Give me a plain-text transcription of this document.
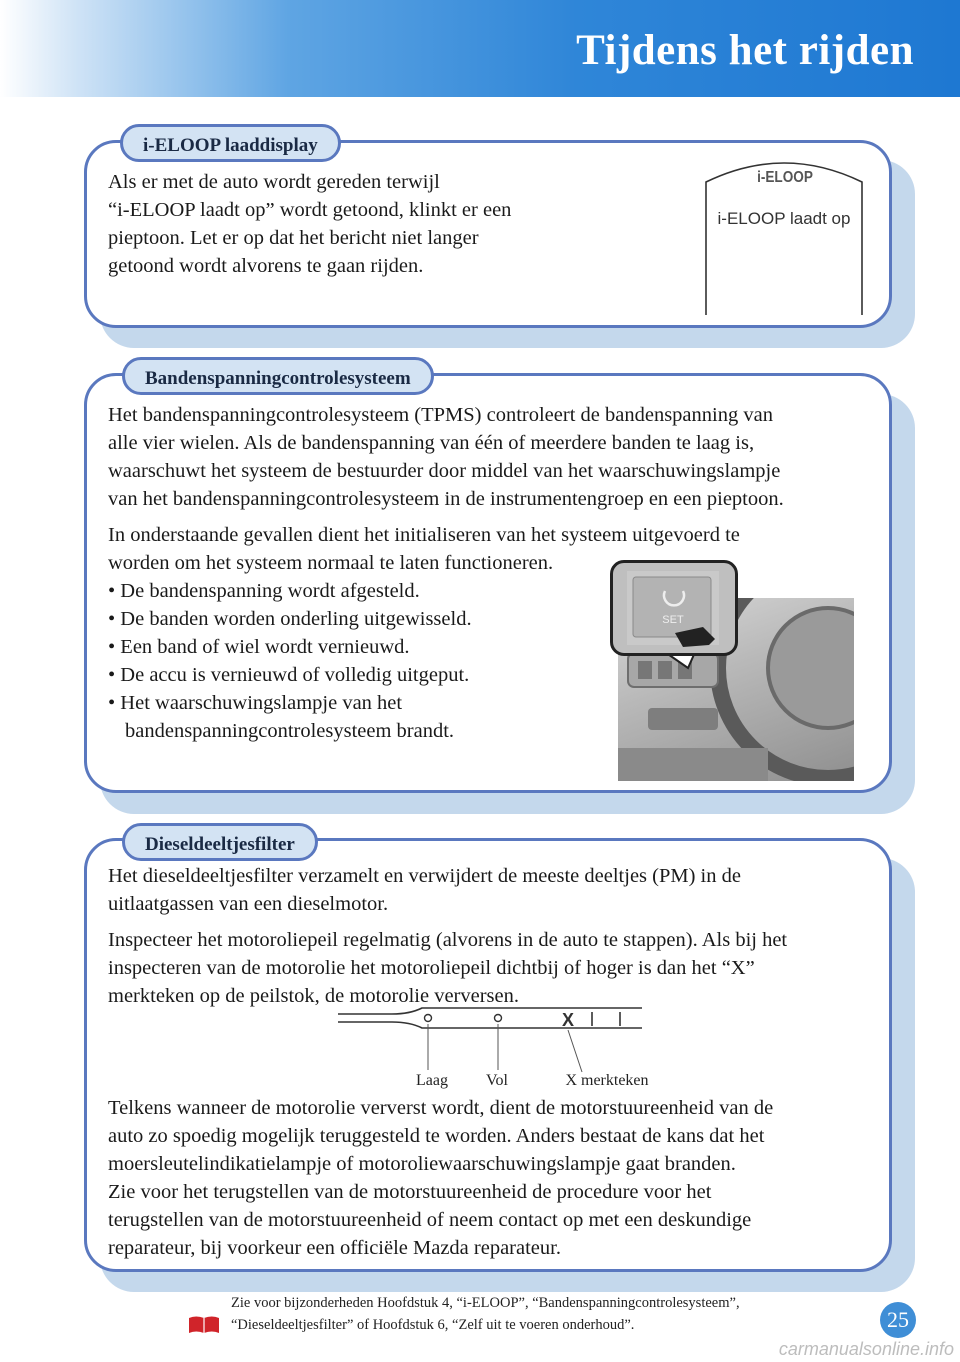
Tijdens het rijden
i-ELOOP laaddisplay

Als er met de auto wordt gereden terwijl

“i-ELOOP laadt op” wordt getoond, klinkt er een

pieptoon. Let er op dat het bericht niet langer

getoond wordt alvorens te gaan rijden.

i-ELOOP
i-ELOOP laadt op
Bandenspanningcontrolesysteem

Het bandenspanningcontrolesysteem (TPMS) controleert de bandenspanning van

alle vier wielen. Als de bandenspanning van één of meerdere banden te laag is,

waarschuwt het systeem de bestuurder door middel van het waarschuwingslampje

van het bandenspanningcontrolesysteem in de instrumentengroep en een pieptoon.

In onderstaande gevallen dient het initialiseren van het systeem uitgevoerd te

worden om het systeem normaal te laten functioneren.

• De bandenspanning wordt afgesteld.

• De banden worden onderling uitgewisseld.

• Een band of wiel wordt vernieuwd.

• De accu is vernieuwd of volledig uitgeput.

• Het waarschuwingslampje van het

bandenspanningcontrolesysteem brandt.

SET
Dieseldeeltjesfilter

Het dieseldeeltjesfilter verzamelt en verwijdert de meeste deeltjes (PM) in de

uitlaatgassen van een dieselmotor.

Inspecteer het motoroliepeil regelmatig (alvorens in de auto te stappen). Als bij het

inspecteren van de motorolie het motoroliepeil dichtbij of hoger is dan het “X”

merkteken op de peilstok, de motorolie verversen.

X
Laag Vol	X merkteken

Telkens wanneer de motorolie ververst wordt, dient de motorstuureenheid van de

auto zo spoedig mogelijk teruggesteld te worden. Anders bestaat de kans dat het

moersleutelindikatielampje of motoroliewaarschuwingslampje gaat branden.

Zie voor het terugstellen van de motorstuureenheid de procedure voor het

terugstellen van de motorstuureenheid of neem contact op met een deskundige

reparateur, bij voorkeur een officiële Mazda reparateur.

Zie voor bijzonderheden Hoofdstuk 4, “i-ELOOP”, “Bandenspanningcontrolesysteem”,
“Dieseldeeltjesfilter” of Hoofdstuk 6, “Zelf uit te voeren onderhoud”.	25
carmanualsonline.info
